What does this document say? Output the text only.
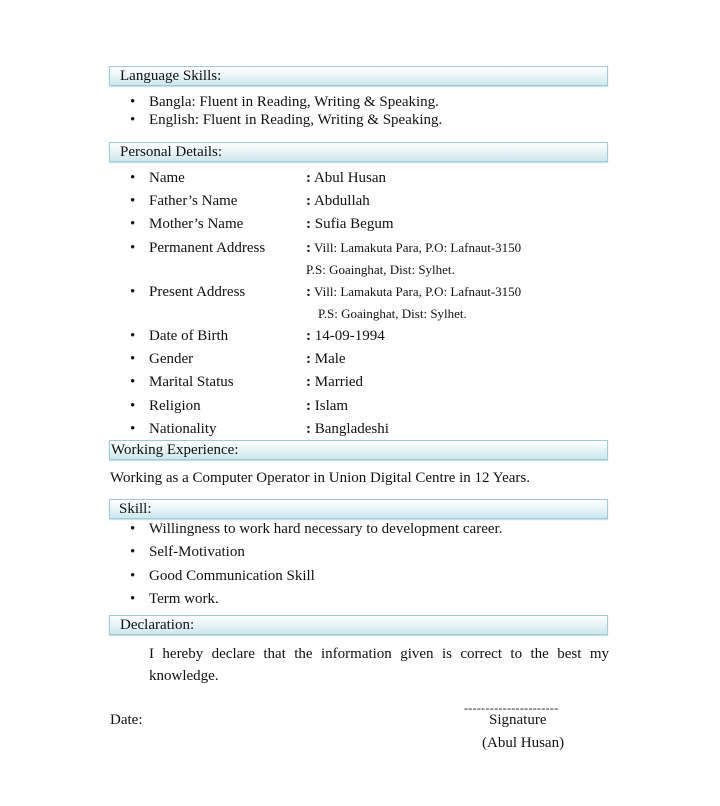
Language Skills:
• Bangla: Fluent in Reading, Writing & Speaking.
• English: Fluent in Reading, Writing & Speaking.
Personal Details:
• Name	: Abul Husan
• Father’s Name	: Abdullah
• Mother’s Name	: Sufia Begum
• Permanent Address	: Vill: Lamakuta Para, P.O: Lafnaut-3150
P.S: Goainghat, Dist: Sylhet.
• Present Address	: Vill: Lamakuta Para, P.O: Lafnaut-3150
P.S: Goainghat, Dist: Sylhet.
• Date of Birth	: 14-09-1994
• Gender	: Male
• Marital Status	: Married
• Religion	: Islam
• Nationality	: Bangladeshi
Working Experience:
Working as a Computer Operator in Union Digital Centre in 12 Years.
Skill:
• Willingness to work hard necessary to development career.
• Self-Motivation
• Good Communication Skill
• Term work.
Declaration:
I hereby declare that the information given is correct to the best my
knowledge.
Date:
----------------------
Signature
(Abul Husan)
